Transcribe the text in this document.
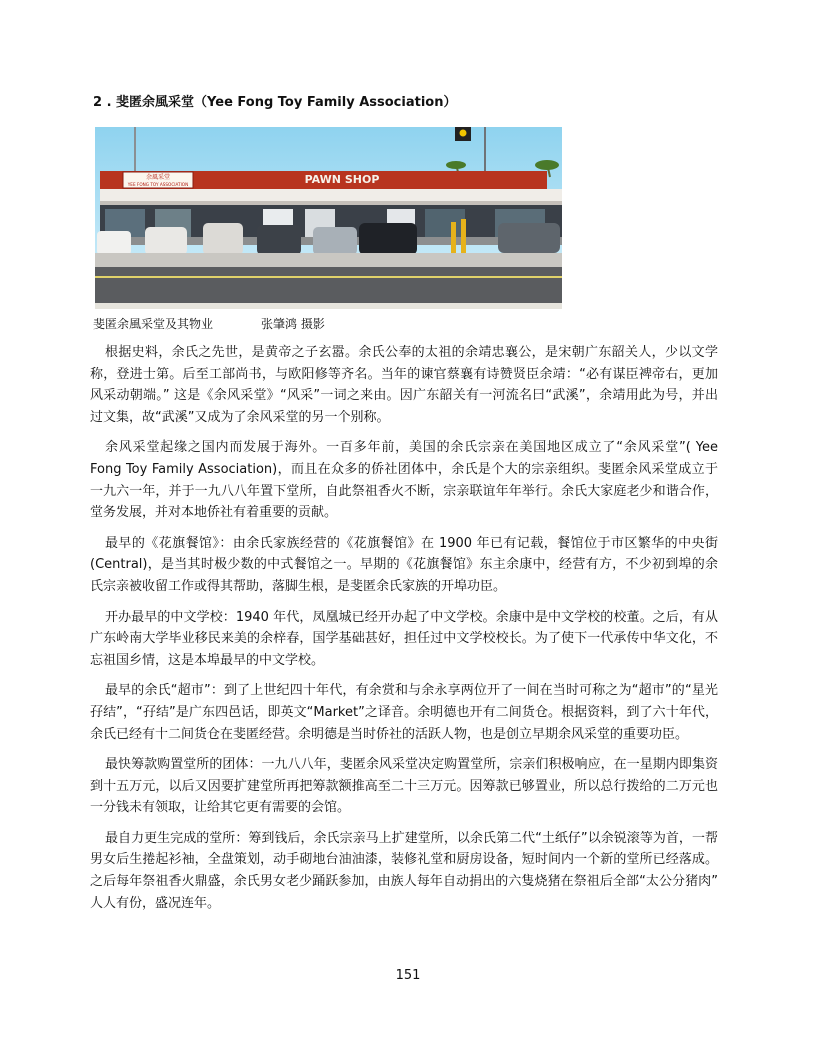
2 . 斐匿余風采堂（Yee Fong Toy Family Association）
余風采堂
YEE FONG TOY ASSOCIATION	PAWN SHOP
斐匿余風采堂及其物业	张肇鸿 摄影

根据史料，余氏之先世，是黄帝之子玄嚣。余氏公奉的太祖的余靖忠襄公，是宋朝广东韶关人，少以文学称，登进士第。后至工部尚书，与欧阳修等齐名。当年的谏官蔡襄有诗赞贤臣余靖：“必有谋臣裨帝右，更加风采动朝端。” 这是《余风采堂》“风采”一词之来由。因广东韶关有一河流名曰“武溪”，余靖用此为号，并出过文集，故“武溪”又成为了余风采堂的另一个别称。

余风采堂起缘之国内而发展于海外。一百多年前，美国的余氏宗亲在美国地区成立了“余风采堂”( Yee Fong Toy Family Association)，而且在众多的侨社团体中，余氏是个大的宗亲组织。斐匿余风采堂成立于一九六一年，并于一九八八年置下堂所，自此祭祖香火不断，宗亲联谊年年举行。余氏大家庭老少和谐合作，堂务发展，并对本地侨社有着重要的贡献。

最早的《花旗餐馆》：由余氏家族经营的《花旗餐馆》在 1900 年已有记载，餐馆位于市区繁华的中央街(Central)，是当其时极少数的中式餐馆之一。早期的《花旗餐馆》东主余康中，经营有方，不少初到埠的余氏宗亲被收留工作或得其帮助，落脚生根，是斐匿余氏家族的开埠功臣。

开办最早的中文学校：1940 年代，凤凰城已经开办起了中文学校。余康中是中文学校的校董。之后，有从广东岭南大学毕业移民来美的余梓春，国学基础甚好，担任过中文学校校长。为了使下一代承传中华文化，不忘祖国乡情，这是本埠最早的中文学校。

最早的余氏“超市”：到了上世纪四十年代，有余赏和与余永享两位开了一间在当时可称之为“超市”的“星光孖结”，“孖结”是广东四邑话，即英文“Market”之译音。余明德也开有二间货仓。根据资料，到了六十年代，余氏已经有十二间货仓在斐匿经营。余明德是当时侨社的活跃人物，也是创立早期余风采堂的重要功臣。

最快筹款购置堂所的团体：一九八八年，斐匿余风采堂决定购置堂所，宗亲们积极响应，在一星期内即集资到十五万元，以后又因要扩建堂所再把筹款额推高至二十三万元。因筹款已够置业，所以总行拨给的二万元也一分钱未有领取，让给其它更有需要的会馆。

最自力更生完成的堂所：筹到钱后，余氏宗亲马上扩建堂所，以余氏第二代“土纸仔”以余锐滚等为首，一帮男女后生捲起衫袖，全盘策划，动手砌地台油油漆，装修礼堂和厨房设备，短时间内一个新的堂所已经落成。之后每年祭祖香火鼎盛，余氏男女老少踊跃参加，由族人每年自动捐出的六隻烧猪在祭祖后全部“太公分猪肉” 人人有份，盛况连年。

151
